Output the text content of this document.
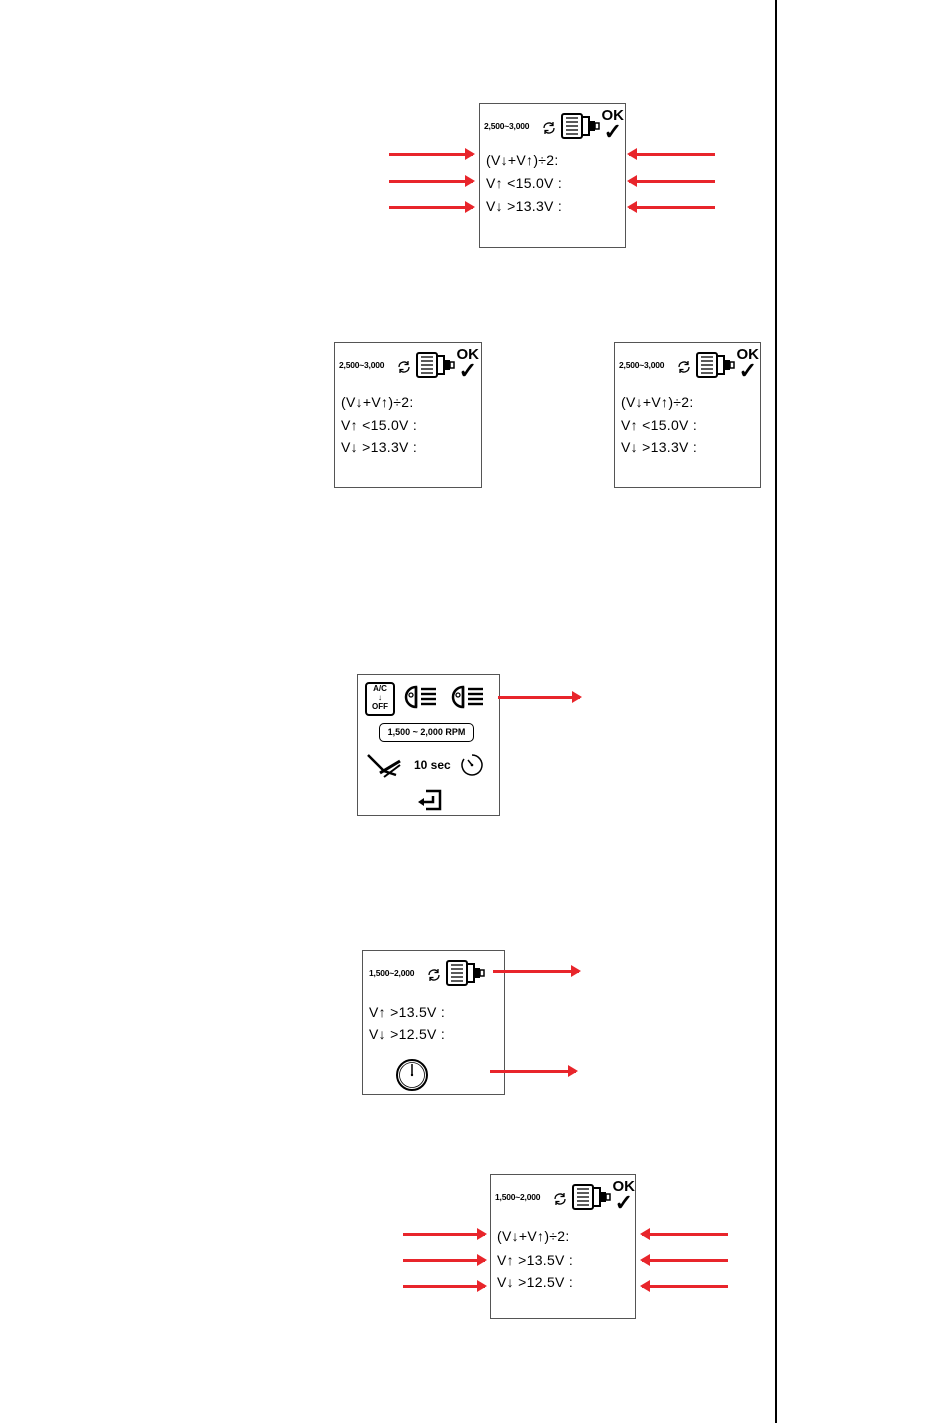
2,500~3,000
OK
✓
(V↓+V↑)÷2:
V↑ <15.0V :
V↓ >13.3V :
2,500~3,000
OK
✓
(V↓+V↑)÷2:
V↑ <15.0V :
V↓ >13.3V :
2,500~3,000
OK
✓
(V↓+V↑)÷2:
V↑ <15.0V :
V↓ >13.3V :
A/C
↓
OFF
1,500 ~ 2,000 RPM
10 sec
1,500~2,000
V↑ >13.5V :
V↓ >12.5V :
1,500~2,000
OK
✓
(V↓+V↑)÷2:
V↑ >13.5V :
V↓ >12.5V :
